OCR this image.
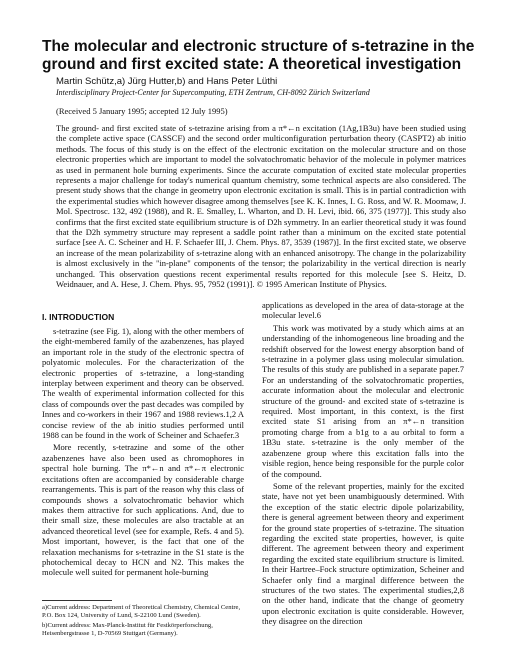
The molecular and electronic structure of s-tetrazine in the ground and first excited state: A theoretical investigation
Martin Schütz,a) Jürg Hutter,b) and Hans Peter Lüthi
Interdisciplinary Project-Center for Supercomputing, ETH Zentrum, CH-8092 Zürich Switzerland
(Received 5 January 1995; accepted 12 July 1995)

The ground- and first excited state of s-tetrazine arising from a π*←n excitation (1Ag,1B3u) have been studied using the complete active space (CASSCF) and the second order multiconfiguration perturbation theory (CASPT2) ab initio methods. The focus of this study is on the effect of the electronic excitation on the molecular structure and on those electronic properties which are important to model the solvatochromatic behavior of the molecule in polymer matrices as used in permanent hole burning experiments. Since the accurate computation of excited state molecular properties represents a major challenge for today's numerical quantum chemistry, some technical aspects are also considered. The present study shows that the change in geometry upon electronic excitation is small. This is in partial contradiction with the experimental studies which however disagree among themselves [see K. K. Innes, I. G. Ross, and W. R. Moomaw, J. Mol. Spectrosc. 132, 492 (1988), and R. E. Smalley, L. Wharton, and D. H. Levi, ibid. 66, 375 (1977)]. This study also confirms that the first excited state equilibrium structure is of D2h symmetry. In an earlier theoretical study it was found that the D2h symmetry structure may represent a saddle point rather than a minimum on the excited state potential surface [see A. C. Scheiner and H. F. Schaefer III, J. Chem. Phys. 87, 3539 (1987)]. In the first excited state, we observe an increase of the mean polarizability of s-tetrazine along with an enhanced anisotropy. The change in the polarizability is almost exclusively in the "in-plane" components of the tensor; the polarizability in the vertical direction is nearly unchanged. This observation questions recent experimental results reported for this molecule [see S. Heitz, D. Weidnauer, and A. Hese, J. Chem. Phys. 95, 7952 (1991)]. © 1995 American Institute of Physics.

I. INTRODUCTION

s-tetrazine (see Fig. 1), along with the other members of the eight-membered family of the azabenzenes, has played an important role in the study of the electronic spectra of polyatomic molecules. For the characterization of the electronic properties of s-tetrazine, a long-standing interplay between experiment and theory can be observed. The wealth of experimental information collected for this class of compounds over the past decades was compiled by Innes and co-workers in their 1967 and 1988 reviews.1,2 A concise review of the ab initio studies performed until 1988 can be found in the work of Scheiner and Schaefer.3

More recently, s-tetrazine and some of the other azabenzenes have also been used as chromophores in spectral hole burning. The π*←n and π*←π electronic excitations often are accompanied by considerable charge rearrangements. This is part of the reason why this class of compounds shows a solvatochromatic behavior which makes them attractive for such applications. And, due to their small size, these molecules are also tractable at an advanced theoretical level (see for example, Refs. 4 and 5). Most important, however, is the fact that one of the relaxation mechanisms for s-tetrazine in the S1 state is the photochemical decay to HCN and N2. This makes the molecule well suited for permanent hole-burning

applications as developed in the area of data-storage at the molecular level.6

This work was motivated by a study which aims at an understanding of the inhomogeneous line broading and the redshift observed for the lowest energy absorption band of s-tetrazine in a polymer glass using molecular simulation. The results of this study are published in a separate paper.7 For an understanding of the solvatochromatic properties, accurate information about the molecular and electronic structure of the ground- and excited state of s-tetrazine is required. Most important, in this context, is the first excited state S1 arising from an π*←n transition promoting charge from a b1g to a au orbital to form a 1B3u state. s-tetrazine is the only member of the azabenzene group where this excitation falls into the visible region, hence being responsible for the purple color of the compound.

Some of the relevant properties, mainly for the excited state, have not yet been unambiguously determined. With the exception of the static electric dipole polarizability, there is general agreement between theory and experiment for the ground state properties of s-tetrazine. The situation regarding the excited state properties, however, is quite different. The agreement between theory and experiment regarding the excited state equilibrium structure is limited. In their Hartree–Fock structure optimization, Scheiner and Schaefer only find a marginal difference between the structures of the two states. The experimental studies,2,8 on the other hand, indicate that the change of geometry upon electronic excitation is quite considerable. However, they disagree on the direction

a)Current address: Department of Theoretical Chemistry, Chemical Centre, P.O. Box 124, University of Lund, S-22100 Lund (Sweden).
b)Current address: Max-Planck-Institut für Festkörperforschung, Heisenbergstrasse 1, D-70569 Stuttgart (Germany).
